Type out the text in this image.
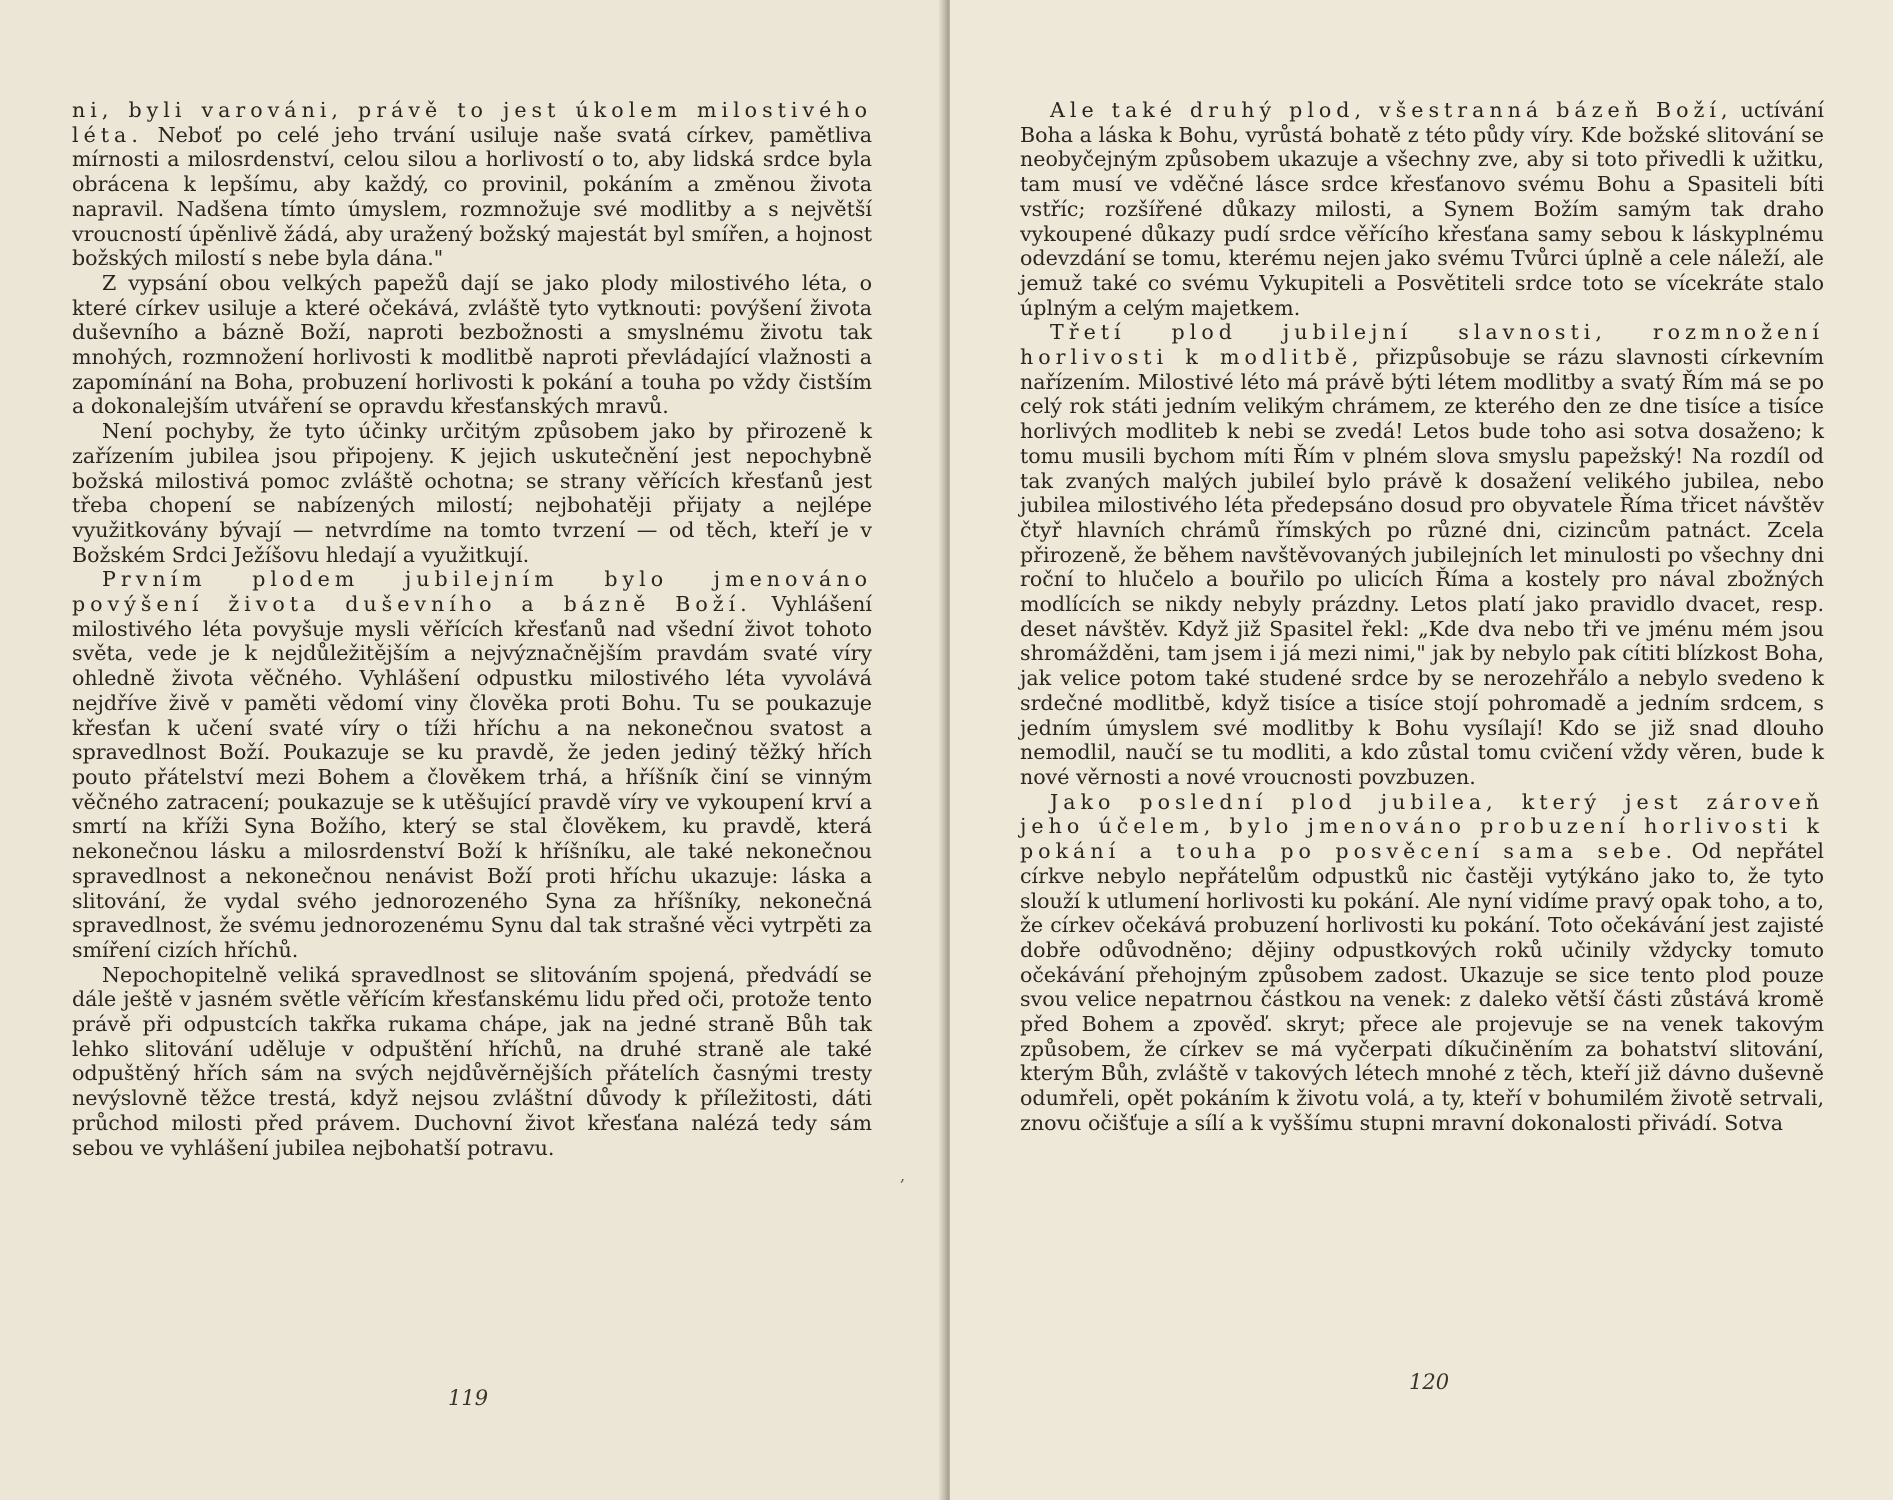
ni, byli varováni, právě to jest úkolem milostivého léta. Neboť po celé jeho trvání usiluje naše svatá církev, pamětliva mírnosti a milosrdenství, celou silou a horlivostí o to, aby lidská srdce byla obrácena k lepšímu, aby každý, co provinil, pokáním a změnou života napravil. Nadšena tímto úmyslem, rozmnožuje své modlitby a s největší vroucností úpěnlivě žádá, aby uražený božský majestát byl smířen, a hojnost božských milostí s nebe byla dána."

Z vypsání obou velkých papežů dají se jako plody milostivého léta, o které církev usiluje a které očekává, zvláště tyto vytknouti: povýšení života duševního a bázně Boží, naproti bezbožnosti a smyslnému životu tak mnohých, rozmnožení horlivosti k modlitbě naproti převládající vlažnosti a zapomínání na Boha, probuzení horlivosti k pokání a touha po vždy čistším a dokonalejším utváření se opravdu křesťanských mravů.

Není pochyby, že tyto účinky určitým způsobem jako by přirozeně k zařízením jubilea jsou připojeny. K jejich uskutečnění jest nepochybně božská milostivá pomoc zvláště ochotna; se strany věřících křesťanů jest třeba chopení se nabízených milostí; nejbohatěji přijaty a nejlépe využitkovány bývají — netvrdíme na tomto tvrzení — od těch, kteří je v Božském Srdci Ježíšovu hledají a využitkují.

Prvním plodem jubilejním bylo jmenováno povýšení života duševního a bázně Boží. Vyhlášení milostivého léta povyšuje mysli věřících křesťanů nad všední život tohoto světa, vede je k nejdůležitějším a nejvýznačnějším pravdám svaté víry ohledně života věčného. Vyhlášení odpustku milostivého léta vyvolává nejdříve živě v paměti vědomí viny člověka proti Bohu. Tu se poukazuje křesťan k učení svaté víry o tíži hříchu a na nekonečnou svatost a spravedlnost Boží. Poukazuje se ku pravdě, že jeden jediný těžký hřích pouto přátelství mezi Bohem a člověkem trhá, a hříšník činí se vinným věčného zatracení; poukazuje se k utěšující pravdě víry ve vykoupení krví a smrtí na kříži Syna Božího, který se stal člověkem, ku pravdě, která nekonečnou lásku a milosrdenství Boží k hříšníku, ale také nekonečnou spravedlnost a nekonečnou nenávist Boží proti hříchu ukazuje: láska a slitování, že vydal svého jednorozeného Syna za hříšníky, nekonečná spravedlnost, že svému jednorozenému Synu dal tak strašné věci vytrpěti za smíření cizích hříchů.

Nepochopitelně veliká spravedlnost se slitováním spojená, předvádí se dále ještě v jasném světle věřícím křesťanskému lidu před oči, protože tento právě při odpustcích takřka rukama chápe, jak na jedné straně Bůh tak lehko slitování uděluje v odpuštění hříchů, na druhé straně ale také odpuštěný hřích sám na svých nejdůvěrnějších přátelích časnými tresty nevýslovně těžce trestá, když nejsou zvláštní důvody k příležitosti, dáti průchod milosti před právem. Duchovní život křesťana nalézá tedy sám sebou ve vyhlášení jubilea nejbohatší potravu.

119
,

Ale také druhý plod, všestranná bázeň Boží, uctívání Boha a láska k Bohu, vyrůstá bohatě z této půdy víry. Kde božské slitování se neobyčejným způsobem ukazuje a všechny zve, aby si toto přivedli k užitku, tam musí ve vděčné lásce srdce křesťanovo svému Bohu a Spasiteli bíti vstříc; rozšířené důkazy milosti, a Synem Božím samým tak draho vykoupené důkazy pudí srdce věřícího křesťana samy sebou k láskyplnému odevzdání se tomu, kterému nejen jako svému Tvůrci úplně a cele náleží, ale jemuž také co svému Vykupiteli a Posvětiteli srdce toto se vícekráte stalo úplným a celým majetkem.

Třetí plod jubilejní slavnosti, rozmnožení horlivosti k modlitbě, přizpůsobuje se rázu slavnosti církevním nařízením. Milostivé léto má právě býti létem modlitby a svatý Řím má se po celý rok státi jedním velikým chrámem, ze kterého den ze dne tisíce a tisíce horlivých modliteb k nebi se zvedá! Letos bude toho asi sotva dosaženo; k tomu musili bychom míti Řím v plném slova smyslu papežský! Na rozdíl od tak zvaných malých jubileí bylo právě k dosažení velikého jubilea, nebo jubilea milostivého léta předepsáno dosud pro obyvatele Říma třicet návštěv čtyř hlavních chrámů římských po různé dni, cizincům patnáct. Zcela přirozeně, že během navštěvovaných jubilejních let minulosti po všechny dni roční to hlučelo a bouřilo po ulicích Říma a kostely pro nával zbožných modlících se nikdy nebyly prázdny. Letos platí jako pravidlo dvacet, resp. deset návštěv. Když již Spasitel řekl: „Kde dva nebo tři ve jménu mém jsou shromážděni, tam jsem i já mezi nimi," jak by nebylo pak cítiti blízkost Boha, jak velice potom také studené srdce by se nerozehřálo a nebylo svedeno k srdečné modlitbě, když tisíce a tisíce stojí pohromadě a jedním srdcem, s jedním úmyslem své modlitby k Bohu vysílají! Kdo se již snad dlouho nemodlil, naučí se tu modliti, a kdo zůstal tomu cvičení vždy věren, bude k nové věrnosti a nové vroucnosti povzbuzen.

Jako poslední plod jubilea, který jest zároveň jeho účelem, bylo jmenováno probuzení horlivosti k pokání a touha po posvěcení sama sebe. Od nepřátel církve nebylo nepřátelům odpustků nic častěji vytýkáno jako to, že tyto slouží k utlumení horlivosti ku pokání. Ale nyní vidíme pravý opak toho, a to, že církev očekává probuzení horlivosti ku pokání. Toto očekávání jest zajisté dobře odůvodněno; dějiny odpustkových roků učinily vždycky tomuto očekávání přehojným způsobem zadost. Ukazuje se sice tento plod pouze svou velice nepatrnou částkou na venek: z daleko větší části zůstává kromě před Bohem a zpověď. skryt; přece ale projevuje se na venek takovým způsobem, že církev se má vyčerpati díkučiněním za bohatství slitování, kterým Bůh, zvláště v takových létech mnohé z těch, kteří již dávno duševně odumřeli, opět pokáním k životu volá, a ty, kteří v bohumilém životě setrvali, znovu očišťuje a sílí a k vyššímu stupni mravní dokonalosti přivádí. Sotva

120
